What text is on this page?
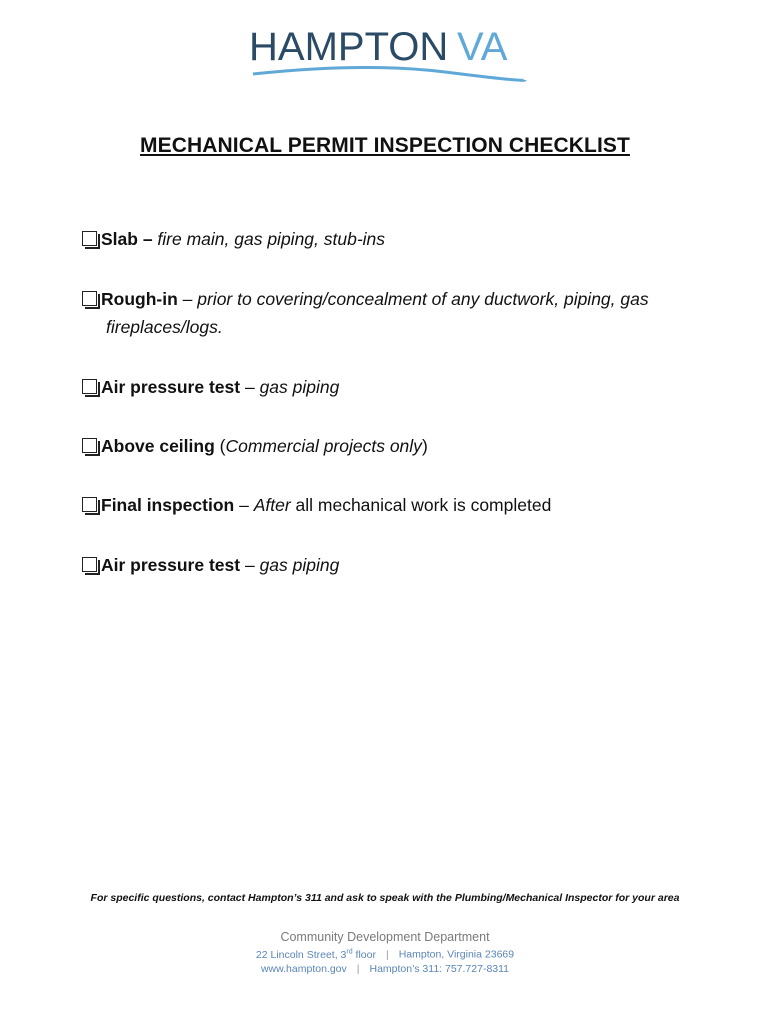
HAMPTON VA
MECHANICAL PERMIT INSPECTION CHECKLIST
Slab – fire main, gas piping, stub-ins
Rough-in – prior to covering/concealment of any ductwork, piping, gas
fireplaces/logs.
Air pressure test – gas piping
Above ceiling (Commercial projects only)
Final inspection – After all mechanical work is completed
Air pressure test – gas piping
For specific questions, contact Hampton’s 311 and ask to speak with the Plumbing/Mechanical Inspector for your area
Community Development Department
22 Lincoln Street, 3rd floor | Hampton, Virginia 23669
www.hampton.gov | Hampton’s 311: 757.727-8311
